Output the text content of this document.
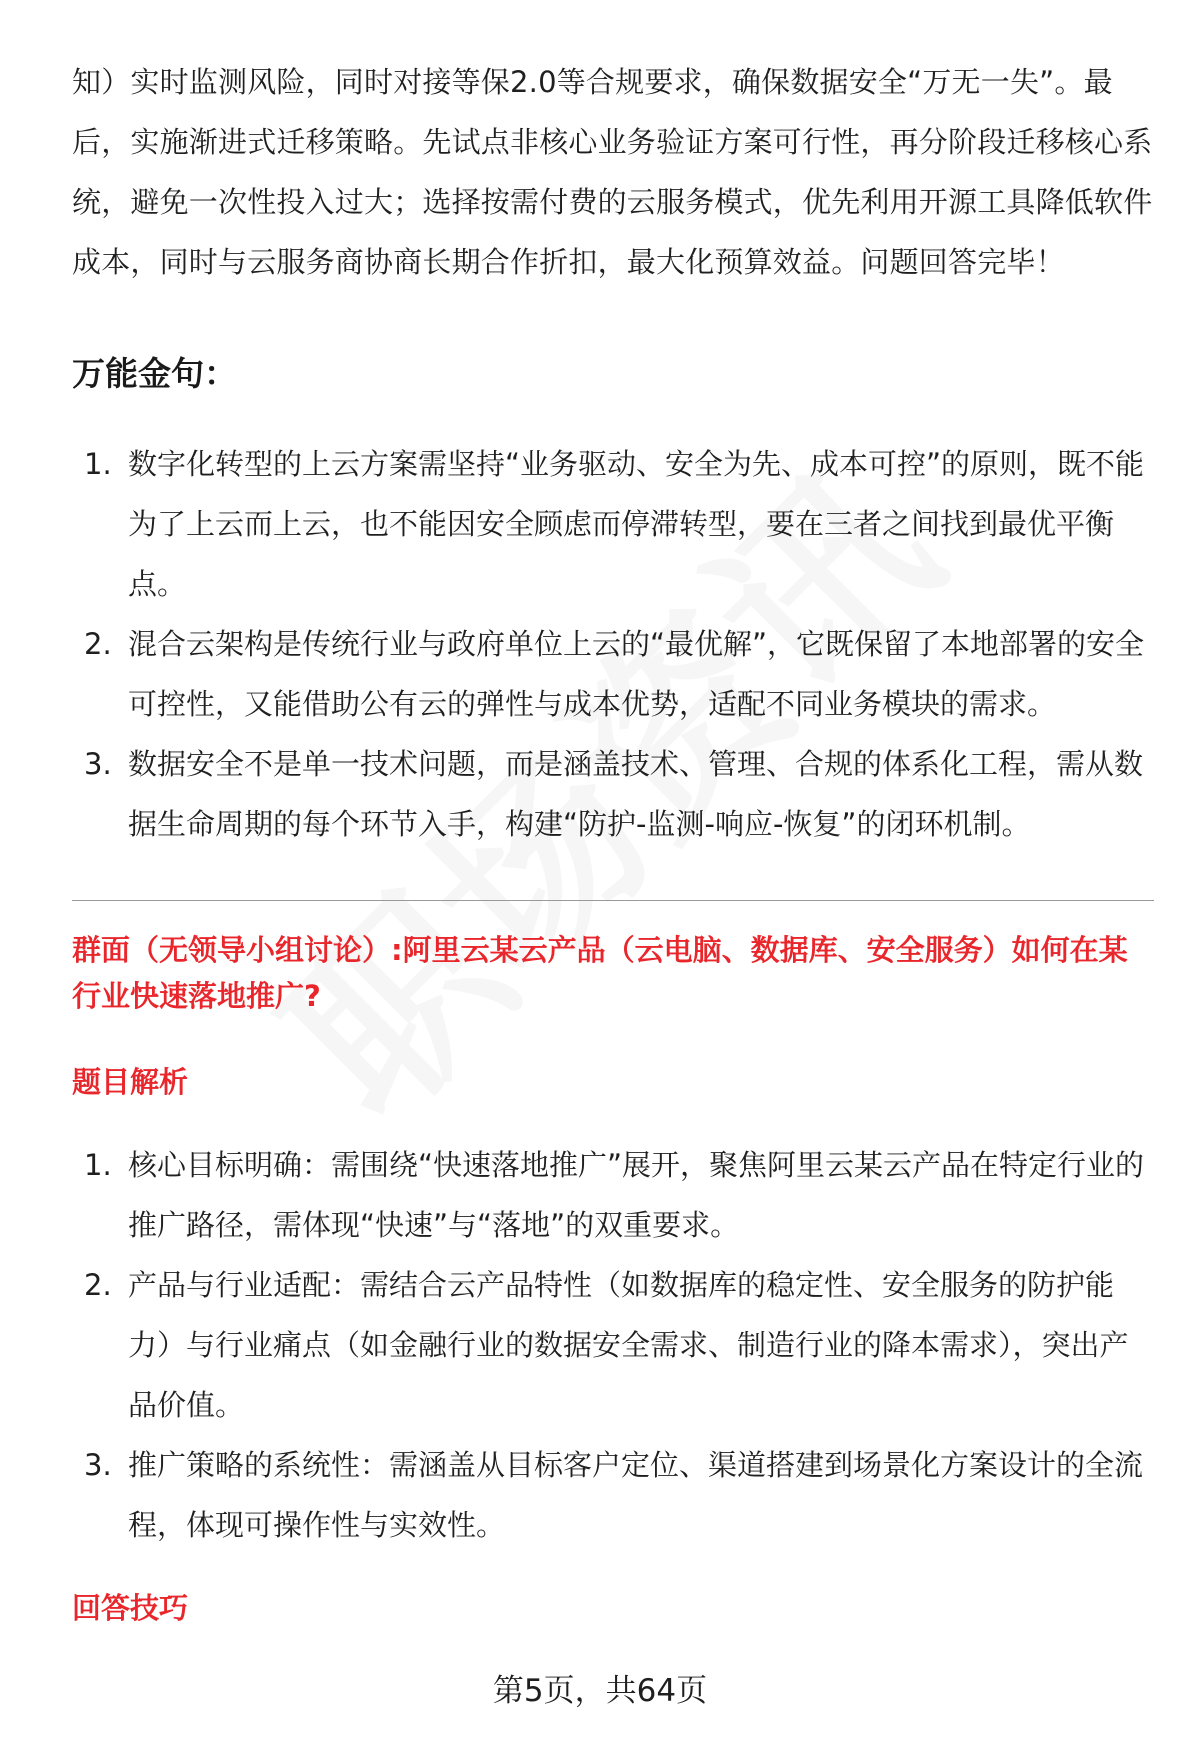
知）实时监测风险，同时对接等保2.0等合规要求，确保数据安全“万无一失”。最后，实施渐进式迁移策略。先试点非核心业务验证方案可行性，再分阶段迁移核心系统，避免一次性投入过大；选择按需付费的云服务模式，优先利用开源工具降低软件成本，同时与云服务商协商长期合作折扣，最大化预算效益。问题回答完毕！

万能金句：
1. 数字化转型的上云方案需坚持“业务驱动、安全为先、成本可控”的原则，既不能为了上云而上云，也不能因安全顾虑而停滞转型，要在三者之间找到最优平衡点。
2. 混合云架构是传统行业与政府单位上云的“最优解”，它既保留了本地部署的安全可控性，又能借助公有云的弹性与成本优势，适配不同业务模块的需求。
3. 数据安全不是单一技术问题，而是涵盖技术、管理、合规的体系化工程，需从数据生命周期的每个环节入手，构建“防护-监测-响应-恢复”的闭环机制。
群面（无领导小组讨论）:阿里云某云产品（云电脑、数据库、安全服务）如何在某行业快速落地推广?
题目解析
1. 核心目标明确：需围绕“快速落地推广”展开，聚焦阿里云某云产品在特定行业的推广路径，需体现“快速”与“落地”的双重要求。
2. 产品与行业适配：需结合云产品特性（如数据库的稳定性、安全服务的防护能力）与行业痛点（如金融行业的数据安全需求、制造行业的降本需求），突出产品价值。
3. 推广策略的系统性：需涵盖从目标客户定位、渠道搭建到场景化方案设计的全流程，体现可操作性与实效性。
回答技巧
第5页，共64页
